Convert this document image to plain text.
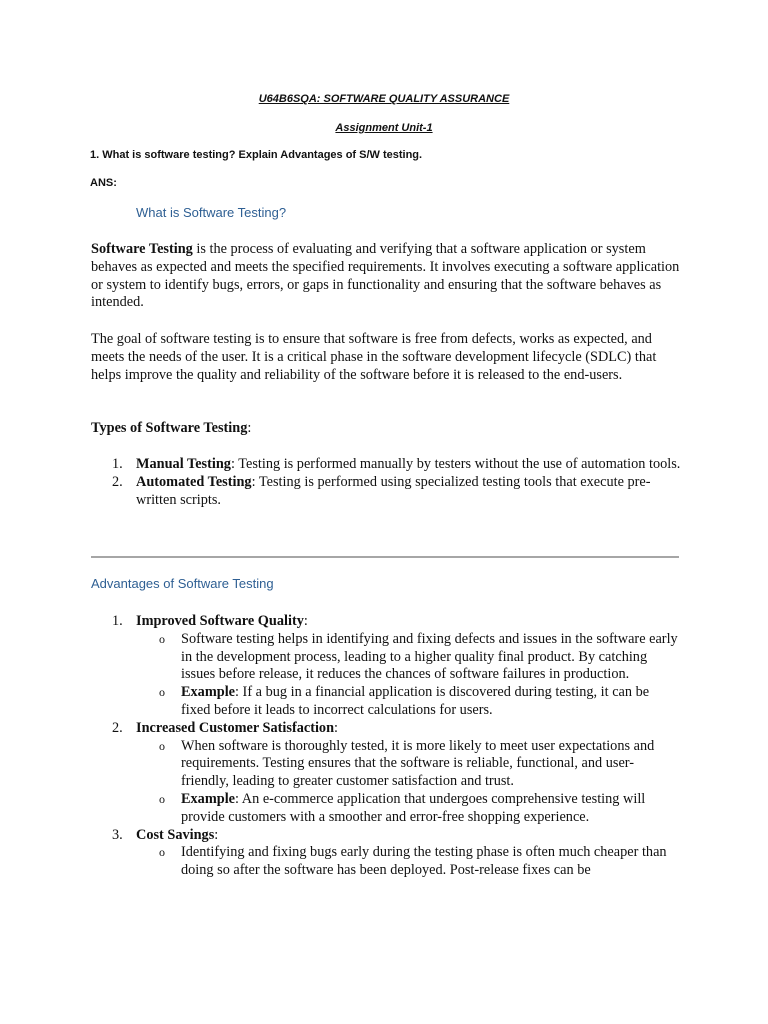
U64B6SQA: SOFTWARE QUALITY ASSURANCE
Assignment Unit-1
1. What is software testing? Explain Advantages of S/W testing.
ANS:
What is Software Testing?
Software Testing is the process of evaluating and verifying that a software application or system behaves as expected and meets the specified requirements. It involves executing a software application or system to identify bugs, errors, or gaps in functionality and ensuring that the software behaves as intended.
The goal of software testing is to ensure that software is free from defects, works as expected, and meets the needs of the user. It is a critical phase in the software development lifecycle (SDLC) that helps improve the quality and reliability of the software before it is released to the end-users.
Types of Software Testing:
1. Manual Testing: Testing is performed manually by testers without the use of automation tools.
2. Automated Testing: Testing is performed using specialized testing tools that execute pre-written scripts.
Advantages of Software Testing
1. Improved Software Quality:
o Software testing helps in identifying and fixing defects and issues in the software early in the development process, leading to a higher quality final product. By catching issues before release, it reduces the chances of software failures in production.
o Example: If a bug in a financial application is discovered during testing, it can be fixed before it leads to incorrect calculations for users.
2. Increased Customer Satisfaction:
o When software is thoroughly tested, it is more likely to meet user expectations and requirements. Testing ensures that the software is reliable, functional, and user-friendly, leading to greater customer satisfaction and trust.
o Example: An e-commerce application that undergoes comprehensive testing will provide customers with a smoother and error-free shopping experience.
3. Cost Savings:
o Identifying and fixing bugs early during the testing phase is often much cheaper than doing so after the software has been deployed. Post-release fixes can be
